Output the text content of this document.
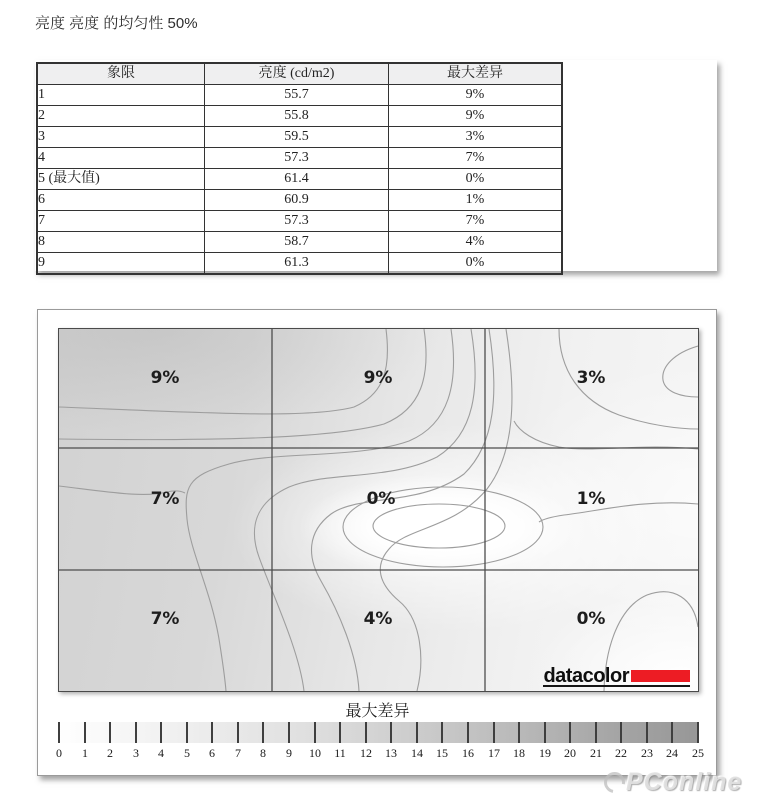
亮度 亮度 的均匀性 50%
象限	亮度 (cd/m2)	最大差异
1	55.7	9%
2	55.8	9%
3	59.5	3%
4	57.3	7%
5 (最大值)	61.4	0%
6	60.9	1%
7	57.3	7%
8	58.7	4%
9	61.3	0%
9%	9%	3%
7%	0%	1%
7%	4%	0%
datacolor
最大差异
0	1	2	3	4	5	6	7	8	9	10	11	12	13	14	15	16	17	18	19	20	21	22	23	24	25
PConline
